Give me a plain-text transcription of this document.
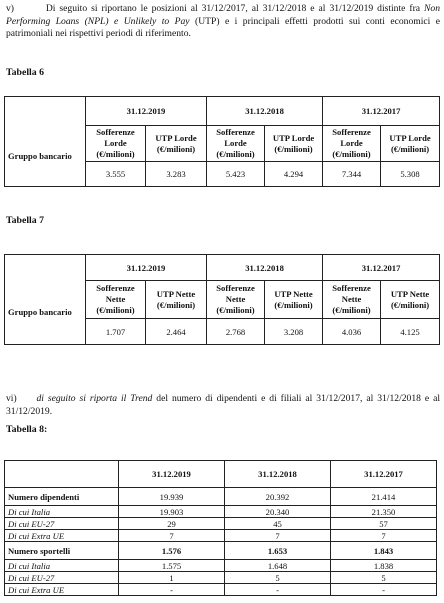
v)	Di seguito si riportano le posizioni al 31/12/2017, al 31/12/2018 e al 31/12/2019 distinte fra Non Performing Loans (NPL) e Unlikely to Pay (UTP) e i principali effetti prodotti sui conti economici e patrimoniali nei rispettivi periodi di riferimento.
Tabella 6
	31.12.2019		31.12.2018		31.12.2017	
Gruppo bancario	Sofferenze Lorde (€/milioni)	UTP Lorde (€/milioni)	Sofferenze Lorde (€/milioni)	UTP Lorde (€/milioni)	Sofferenze Lorde (€/milioni)	UTP Lorde (€/milioni)
	3.555	3.283	5.423	4.294	7.344	5.308
Tabella 7
	31.12.2019		31.12.2018		31.12.2017	
Gruppo bancario	Sofferenze Nette (€/milioni)	UTP Nette (€/milioni)	Sofferenze Nette (€/milioni)	UTP Nette (€/milioni)	Sofferenze Nette (€/milioni)	UTP Nette (€/milioni)
	1.707	2.464	2.768	3.208	4.036	4.125
vi) di seguito si riporta il Trend del numero di dipendenti e di filiali al 31/12/2017, al 31/12/2018 e al 31/12/2019.
Tabella 8:
	31.12.2019	31.12.2018	31.12.2017
Numero dipendenti	19.939	20.392	21.414
Di cui Italia	19.903	20.340	21.350
Di cui EU-27	29	45	57
Di cui Extra UE	7	7	7
Numero sportelli	1.576	1.653	1.843
Di cui Italia	1.575	1.648	1.838
Di cui EU-27	1	5	5
Di cui Extra UE	-	-	-
